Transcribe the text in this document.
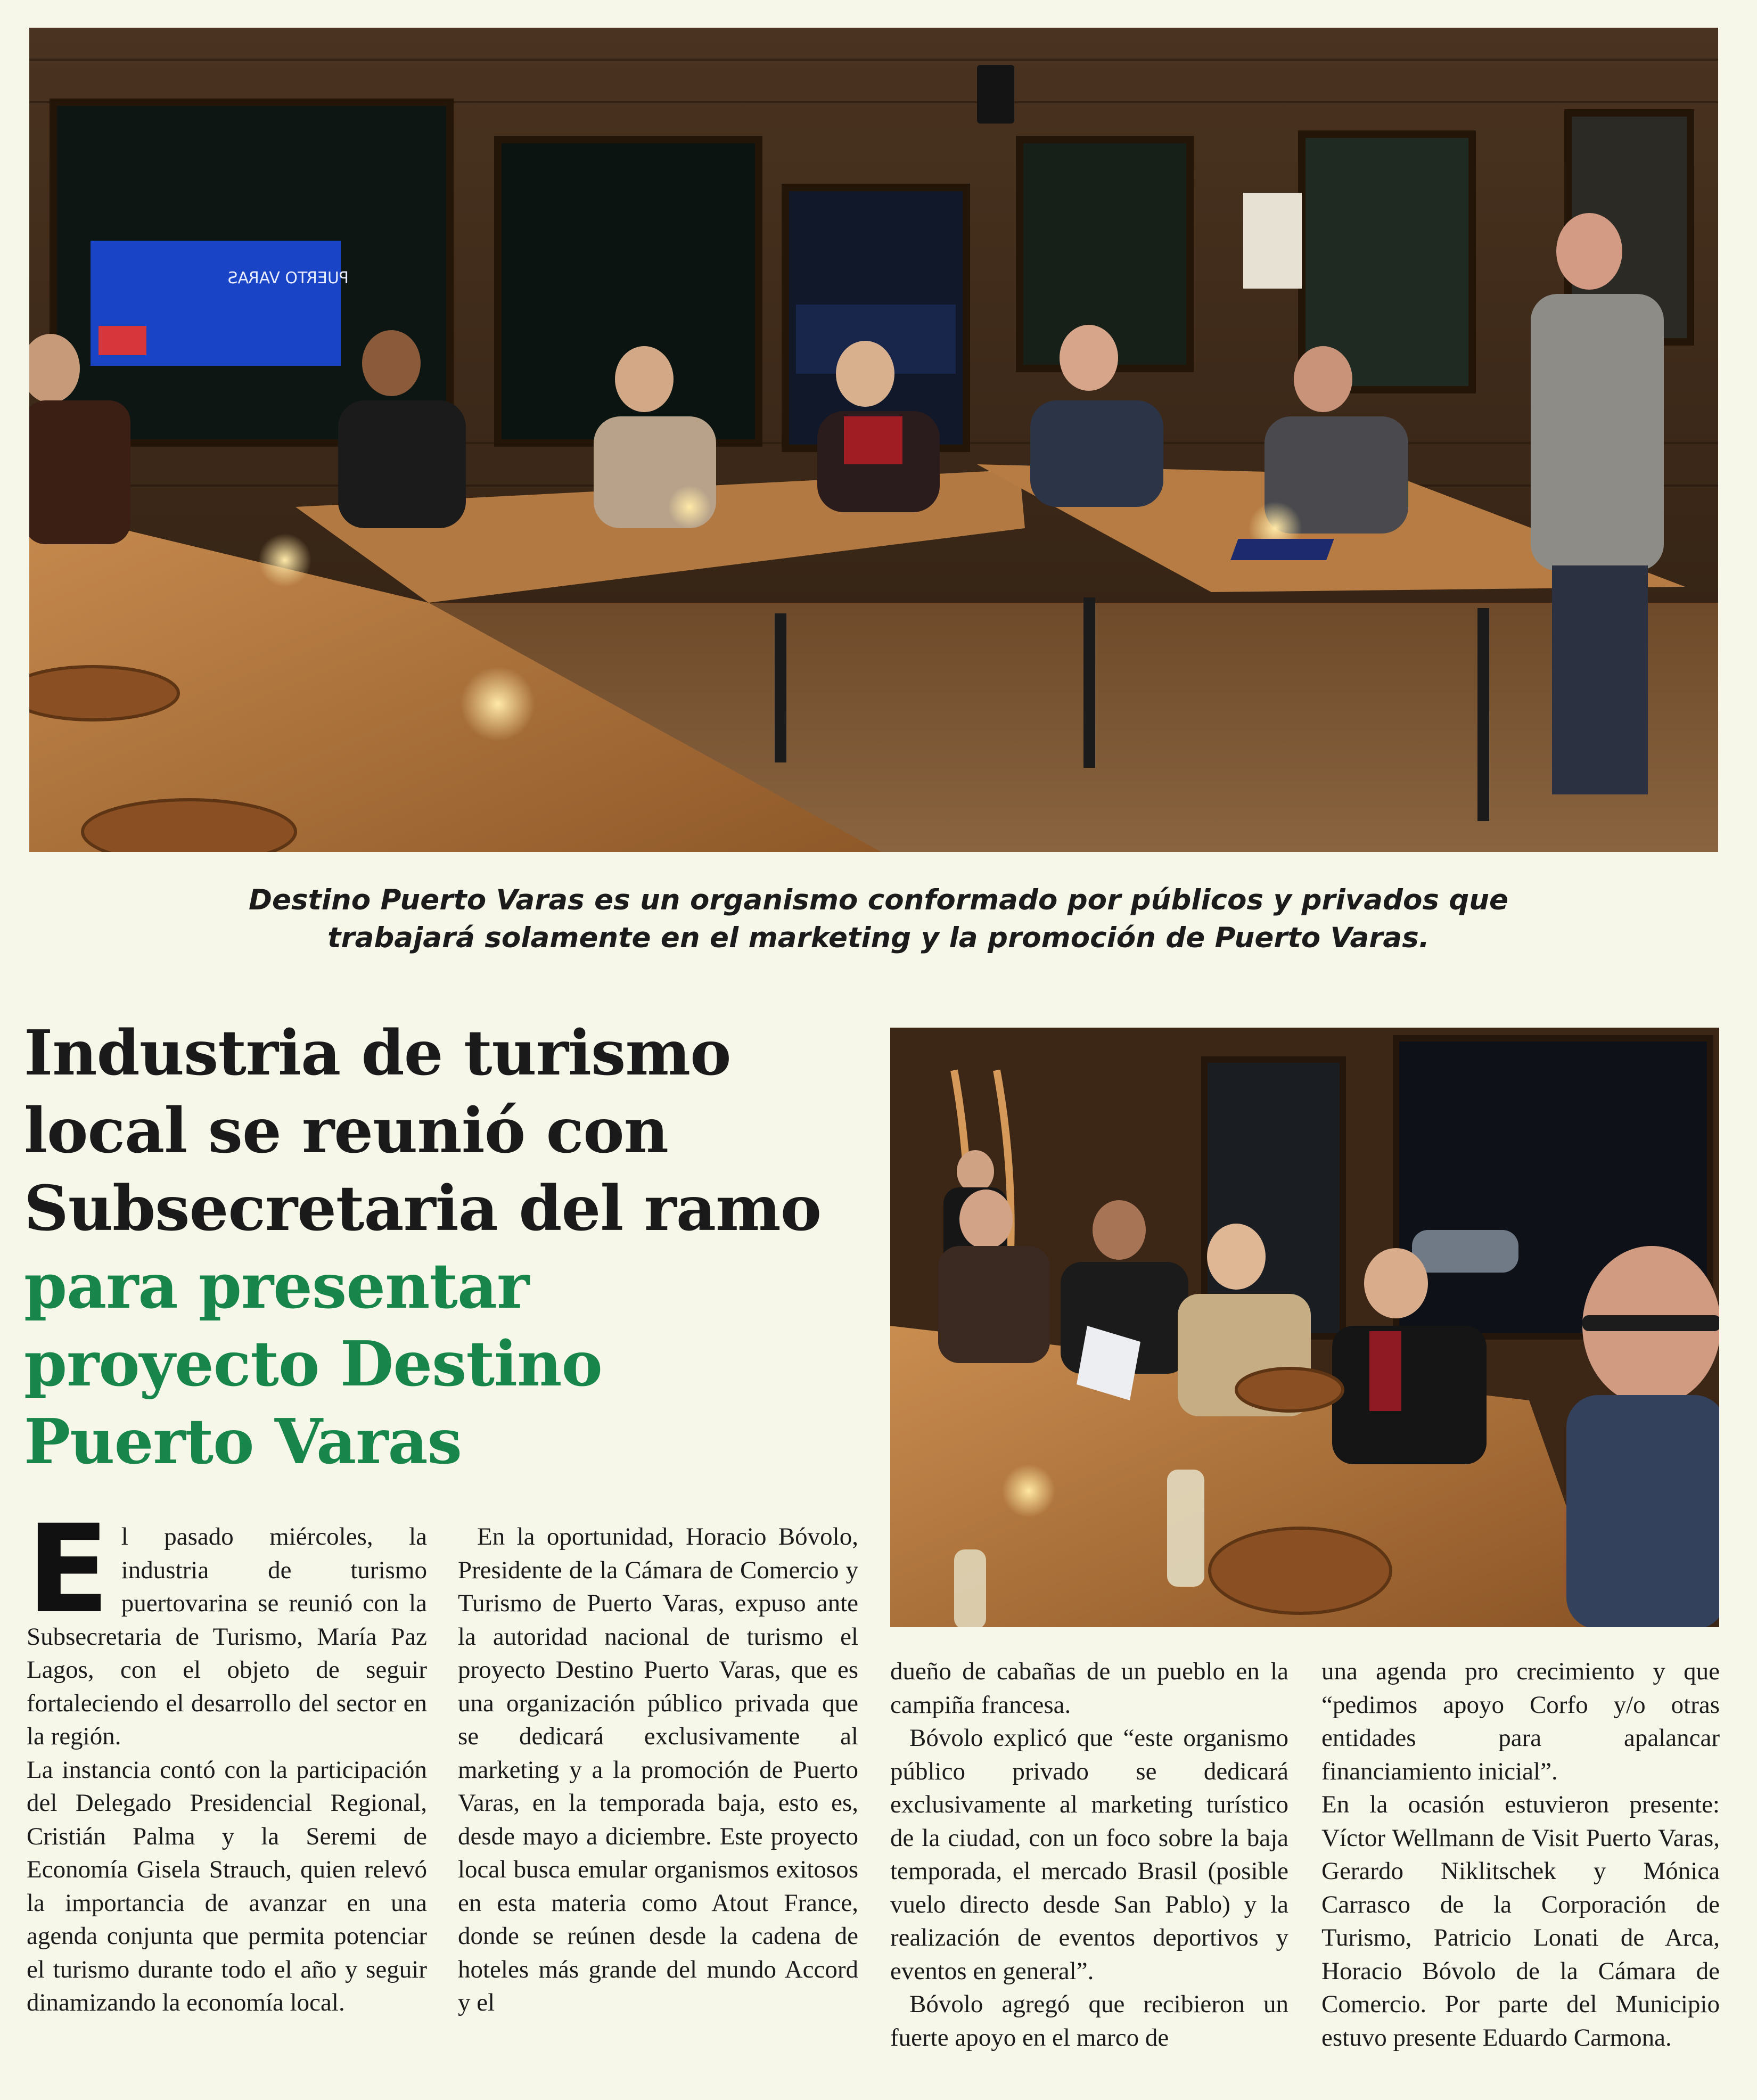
PUERTO VARAS
Destino Puerto Varas es un organismo conformado por públicos y privados que
trabajará solamente en el marketing y la promoción de Puerto Varas.
Industria de turismo
local se reunió con
Subsecretaria del ramo
para presentar
proyecto Destino
Puerto Varas

El pasado miércoles, la industria de turismo puertovarina se reunió con la Subsecretaria de Turismo, María Paz Lagos, con el objeto de seguir fortaleciendo el desarrollo del sector en la región.

La instancia contó con la participación del Delegado Presidencial Regional, Cristián Palma y la Seremi de Economía Gisela Strauch, quien relevó la importancia de avanzar en una agenda conjunta que permita potenciar el turismo durante todo el año y seguir dinamizando la economía local.

En la oportunidad, Horacio Bóvolo, Presidente de la Cámara de Comercio y Turismo de Puerto Varas, expuso ante la autoridad nacional de turismo el proyecto Destino Puerto Varas, que es una organización público privada que se dedicará exclusivamente al marketing y a la promoción de Puerto Varas, en la temporada baja, esto es, desde mayo a diciembre. Este proyecto local busca emular organismos exitosos en esta materia como Atout France, donde se reúnen desde la cadena de hoteles más grande del mundo Accord y el

dueño de cabañas de un pueblo en la campiña francesa.

Bóvolo explicó que “este organismo público privado se dedicará exclusivamente al marketing turístico de la ciudad, con un foco sobre la baja temporada, el mercado Brasil (posible vuelo directo desde San Pablo) y la realización de eventos deportivos y eventos en general”.

Bóvolo agregó que recibieron un fuerte apoyo en el marco de

una agenda pro crecimiento y que “pedimos apoyo Corfo y/o otras entidades para apalancar financiamiento inicial”.

En la ocasión estuvieron presente: Víctor Wellmann de Visit Puerto Varas, Gerardo Niklitschek y Mónica Carrasco de la Corporación de Turismo, Patricio Lonati de Arca, Horacio Bóvolo de la Cámara de Comercio. Por parte del Municipio estuvo presente Eduardo Carmona.
